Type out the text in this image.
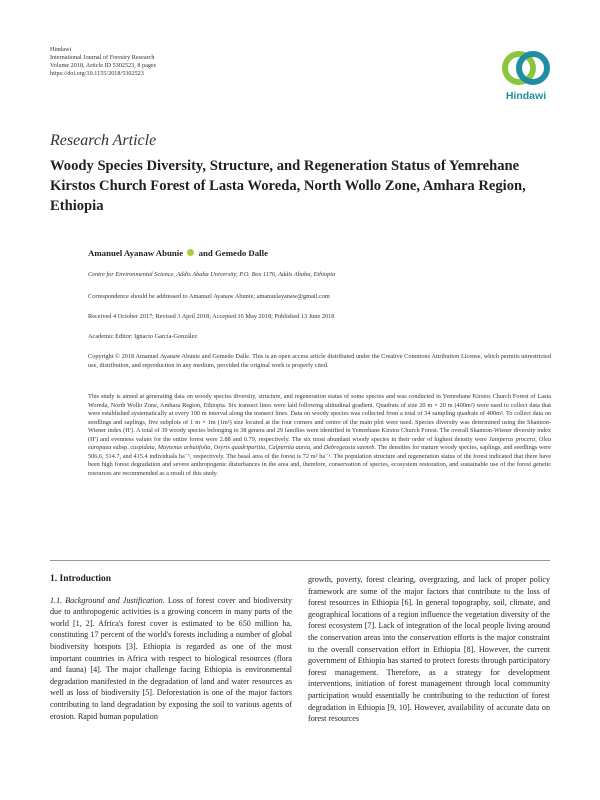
Hindawi
International Journal of Forestry Research
Volume 2018, Article ID 5302523, 8 pages
https://doi.org/10.1155/2018/5302523
Hindawi
Research Article
Woody Species Diversity, Structure, and Regeneration Status of Yemrehane Kirstos Church Forest of Lasta Woreda, North Wollo Zone, Amhara Region, Ethiopia
Amanuel Ayanaw Abunie and Gemedo Dalle
Centre for Environmental Science, Addis Ababa University, P.O. Box 1176, Addis Ababa, Ethiopia
Correspondence should be addressed to Amanuel Ayanaw Abunie; amanuelayanaw@gmail.com
Received 4 October 2017; Revised 3 April 2018; Accepted 16 May 2018; Published 13 June 2018
Academic Editor: Ignacio García-González
Copyright © 2018 Amanuel Ayanaw Abunie and Gemedo Dalle. This is an open access article distributed under the Creative Commons Attribution License, which permits unrestricted use, distribution, and reproduction in any medium, provided the original work is properly cited.
This study is aimed at generating data on woody species diversity, structure, and regeneration status of some species and was conducted in Yemrehane Kirstos Church Forest of Lasta Woreda, North Wollo Zone, Amhara Region, Ethiopia. Six transect lines were laid following altitudinal gradient. Quadrats of size 20 m × 20 m (400m²) were used to collect data that were established systematically at every 100 m interval along the transect lines. Data on woody species was collected from a total of 34 sampling quadrats of 400m². To collect data on seedlings and saplings, five subplots of 1 m × 1m (1m²) size located at the four corners and centre of the main plot were used. Species diversity was determined using the Shannon-Wiener index (H′). A total of 39 woody species belonging to 38 genera and 29 families were identified in Yemrehane Kirstos Church Forest. The overall Shannon-Wiener diversity index (H′) and evenness values for the entire forest were 2.88 and 0.79, respectively. The six most abundant woody species in their order of highest density were Juniperus procera, Olea europaea subsp. cuspidata, Maytenus arbutifolia, Osyris quadripartita, Calpurnia aurea, and Debregeasia saeneb. The densities for mature woody species, saplings, and seedlings were 506.6, 514.7, and 415.4 individuals ha⁻¹, respectively. The basal area of the forest is 72 m² ha⁻¹. The population structure and regeneration status of the forest indicated that there have been high forest degradation and severe anthropogenic disturbances in the area and, therefore, conservation of species, ecosystem restoration, and sustainable use of the forest genetic resources are recommended as a result of this study.
1. Introduction
1.1. Background and Justification. Loss of forest cover and biodiversity due to anthropogenic activities is a growing concern in many parts of the world [1, 2]. Africa's forest cover is estimated to be 650 million ha, constituting 17 percent of the world's forests including a number of global biodiversity hotspots [3]. Ethiopia is regarded as one of the most important countries in Africa with respect to biological resources (flora and fauna) [4]. The major challenge facing Ethiopia is environmental degradation manifested in the degradation of land and water resources as well as loss of biodiversity [5]. Deforestation is one of the major factors contributing to land degradation by exposing the soil to various agents of erosion. Rapid human population
growth, poverty, forest clearing, overgrazing, and lack of proper policy framework are some of the major factors that contribute to the loss of forest resources in Ethiopia [6]. In general topography, soil, climate, and geographical locations of a region influence the vegetation diversity of the forest ecosystem [7]. Lack of integration of the local people living around the conservation areas into the conservation efforts is the major constraint to the overall conservation effort in Ethiopia [8]. However, the current government of Ethiopia has started to protect forests through participatory forest management. Therefore, as a strategy for development interventions, initiation of forest management through local community participation would essentially be contributing to the reduction of forest degradation in Ethiopia [9, 10]. However, availability of accurate data on forest resources
